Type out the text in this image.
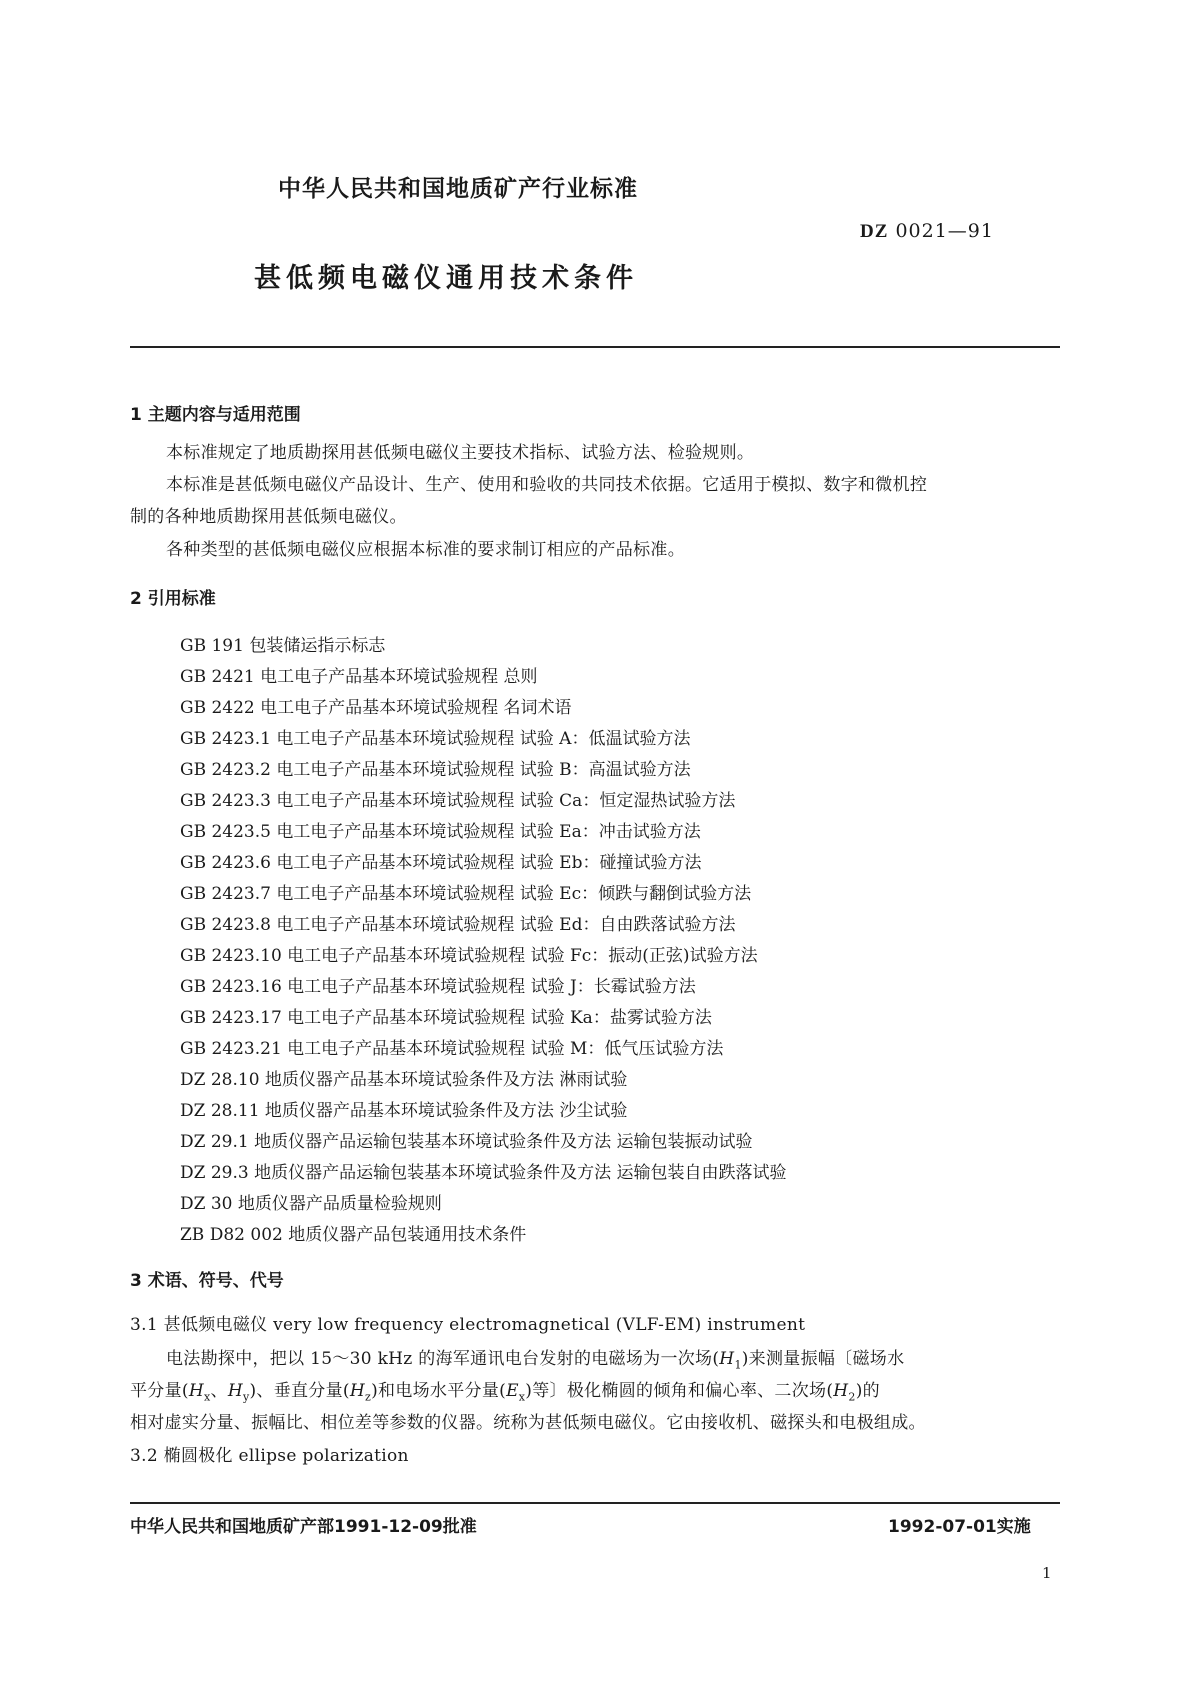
中华人民共和国地质矿产行业标准
DZ 0021—91
甚低频电磁仪通用技术条件
1 主题内容与适用范围
本标准规定了地质勘探用甚低频电磁仪主要技术指标、试验方法、检验规则。
本标准是甚低频电磁仪产品设计、生产、使用和验收的共同技术依据。它适用于模拟、数字和微机控
制的各种地质勘探用甚低频电磁仪。
各种类型的甚低频电磁仪应根据本标准的要求制订相应的产品标准。
2 引用标准
GB 191 包装储运指示标志
GB 2421 电工电子产品基本环境试验规程 总则
GB 2422 电工电子产品基本环境试验规程 名词术语
GB 2423.1 电工电子产品基本环境试验规程 试验 A：低温试验方法
GB 2423.2 电工电子产品基本环境试验规程 试验 B：高温试验方法
GB 2423.3 电工电子产品基本环境试验规程 试验 Ca：恒定湿热试验方法
GB 2423.5 电工电子产品基本环境试验规程 试验 Ea：冲击试验方法
GB 2423.6 电工电子产品基本环境试验规程 试验 Eb：碰撞试验方法
GB 2423.7 电工电子产品基本环境试验规程 试验 Ec：倾跌与翻倒试验方法
GB 2423.8 电工电子产品基本环境试验规程 试验 Ed：自由跌落试验方法
GB 2423.10 电工电子产品基本环境试验规程 试验 Fc：振动(正弦)试验方法
GB 2423.16 电工电子产品基本环境试验规程 试验 J：长霉试验方法
GB 2423.17 电工电子产品基本环境试验规程 试验 Ka：盐雾试验方法
GB 2423.21 电工电子产品基本环境试验规程 试验 M：低气压试验方法
DZ 28.10 地质仪器产品基本环境试验条件及方法 淋雨试验
DZ 28.11 地质仪器产品基本环境试验条件及方法 沙尘试验
DZ 29.1 地质仪器产品运输包装基本环境试验条件及方法 运输包装振动试验
DZ 29.3 地质仪器产品运输包装基本环境试验条件及方法 运输包装自由跌落试验
DZ 30 地质仪器产品质量检验规则
ZB D82 002 地质仪器产品包装通用技术条件
3 术语、符号、代号
3.1 甚低频电磁仪 very low frequency electromagnetical (VLF-EM) instrument
电法勘探中，把以 15～30 kHz 的海军通讯电台发射的电磁场为一次场$(H_1)$来测量振幅〔磁场水
平分量($H_x$、$H_y$)、垂直分量$(H_z)$和电场水平分量$(E_x)$等〕极化椭圆的倾角和偏心率、二次场$(H_2)$的
相对虚实分量、振幅比、相位差等参数的仪器。统称为甚低频电磁仪。它由接收机、磁探头和电极组成。
3.2 椭圆极化 ellipse polarization
中华人民共和国地质矿产部1991-12-09批准	1992-07-01实施
1
